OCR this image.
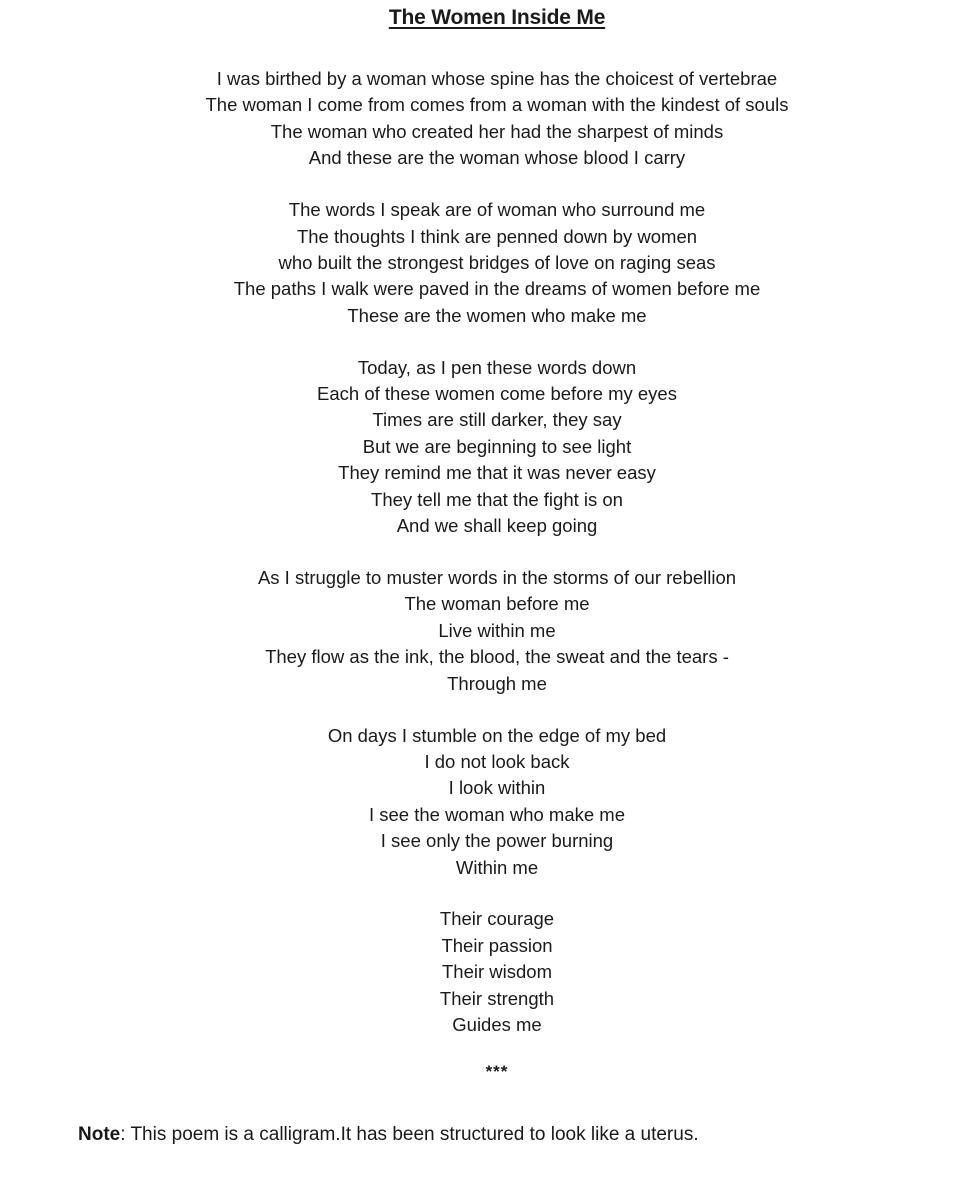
The Women Inside Me
I was birthed by a woman whose spine has the choicest of vertebrae
The woman I come from comes from a woman with the kindest of souls
The woman who created her had the sharpest of minds
And these are the woman whose blood I carry
The words I speak are of woman who surround me
The thoughts I think are penned down by women
who built the strongest bridges of love on raging seas
The paths I walk were paved in the dreams of women before me
These are the women who make me
Today, as I pen these words down
Each of these women come before my eyes
Times are still darker, they say
But we are beginning to see light
They remind me that it was never easy
They tell me that the fight is on
And we shall keep going
As I struggle to muster words in the storms of our rebellion
The woman before me
Live within me
They flow as the ink, the blood, the sweat and the tears -
Through me
On days I stumble on the edge of my bed
I do not look back
I look within
I see the woman who make me
I see only the power burning
Within me
Their courage
Their passion
Their wisdom
Their strength
Guides me
***
Note: This poem is a calligram.It has been structured to look like a uterus.
